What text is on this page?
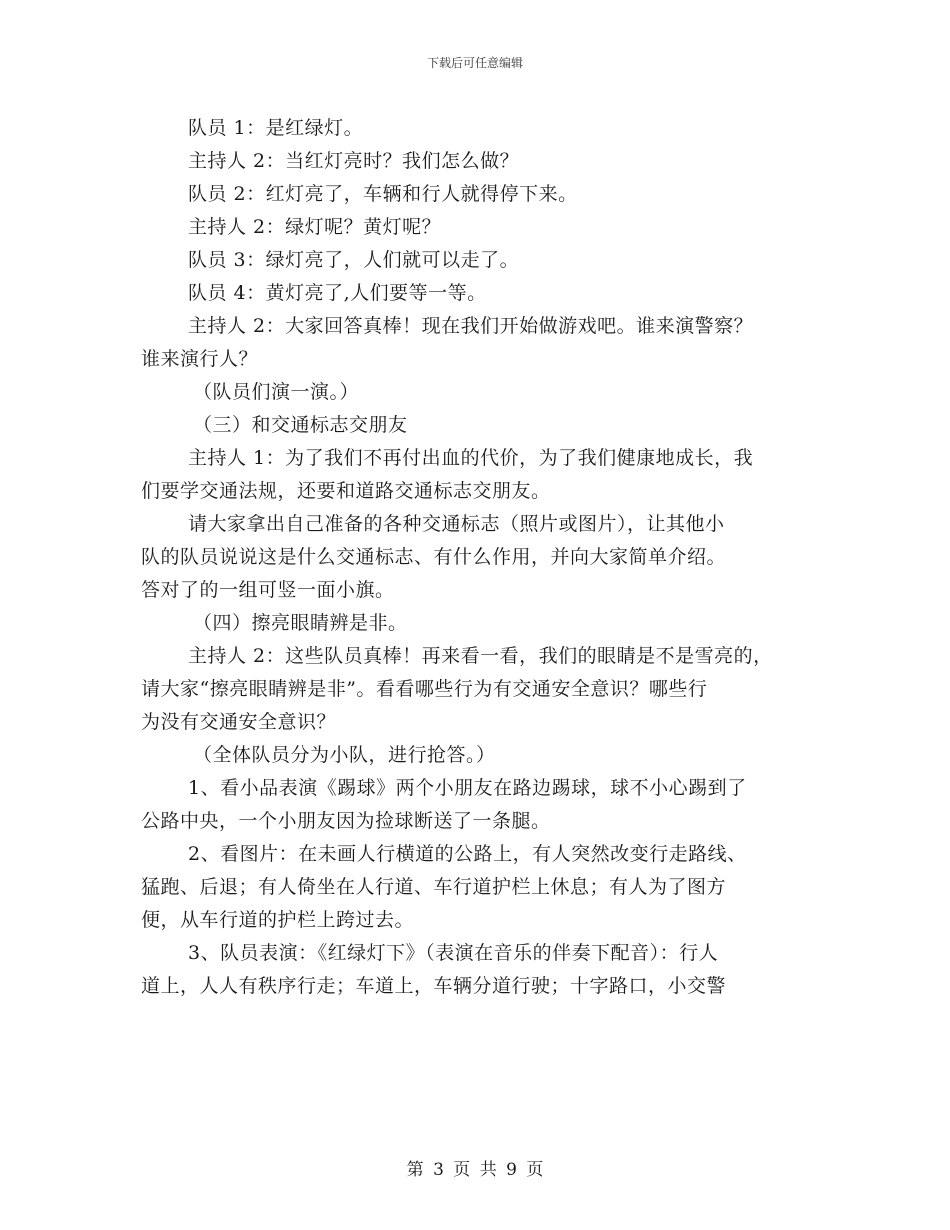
下载后可任意编辑
队员 1：是红绿灯。
主持人 2：当红灯亮时？我们怎么做？
队员 2：红灯亮了，车辆和行人就得停下来。
主持人 2：绿灯呢？黄灯呢？
队员 3：绿灯亮了，人们就可以走了。
队员 4：黄灯亮了,人们要等一等。
主持人 2：大家回答真棒！现在我们开始做游戏吧。谁来演警察？
谁来演行人？
（队员们演一演。）
（三）和交通标志交朋友
主持人 1：为了我们不再付出血的代价，为了我们健康地成长，我
们要学交通法规，还要和道路交通标志交朋友。
请大家拿出自己准备的各种交通标志（照片或图片），让其他小
队的队员说说这是什么交通标志、有什么作用，并向大家简单介绍。
答对了的一组可竖一面小旗。
（四）擦亮眼睛辨是非。
主持人 2：这些队员真棒！再来看一看，我们的眼睛是不是雪亮的，
请大家“擦亮眼睛辨是非”。看看哪些行为有交通安全意识？哪些行
为没有交通安全意识？
（全体队员分为小队，进行抢答。）
1、看小品表演《踢球》两个小朋友在路边踢球，球不小心踢到了
公路中央，一个小朋友因为捡球断送了一条腿。
2、看图片：在未画人行横道的公路上，有人突然改变行走路线、
猛跑、后退；有人倚坐在人行道、车行道护栏上休息；有人为了图方
便，从车行道的护栏上跨过去。
3、队员表演：《红绿灯下》（表演在音乐的伴奏下配音）：行人
道上，人人有秩序行走；车道上，车辆分道行驶；十字路口，小交警
第 3 页 共 9 页
